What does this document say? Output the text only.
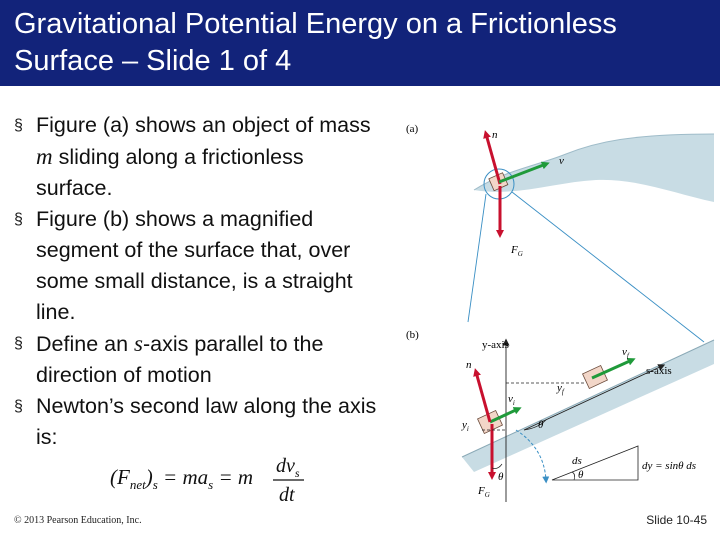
Gravitational Potential Energy on a Frictionless
Surface – Slide 1 of 4
§ Figure (a) shows an object of mass m sliding along a frictionless surface.
§ Figure (b) shows a magnified segment of the surface that, over some small distance, is a straight line.
§ Define an s-axis parallel to the direction of motion
§ Newton’s second law along the axis is:
$(F_{net})_s = ma_s = m$ $dv_s$
dt
(a)	n
v
$F_G$
(b)
y-axis
s-axis
$y_f$
$v_f$
$v_i$
n
$F_G$
$y_i$	θ
θ
ds
θ
dy = sinθ ds
© 2013 Pearson Education, Inc.	Slide 10-45
